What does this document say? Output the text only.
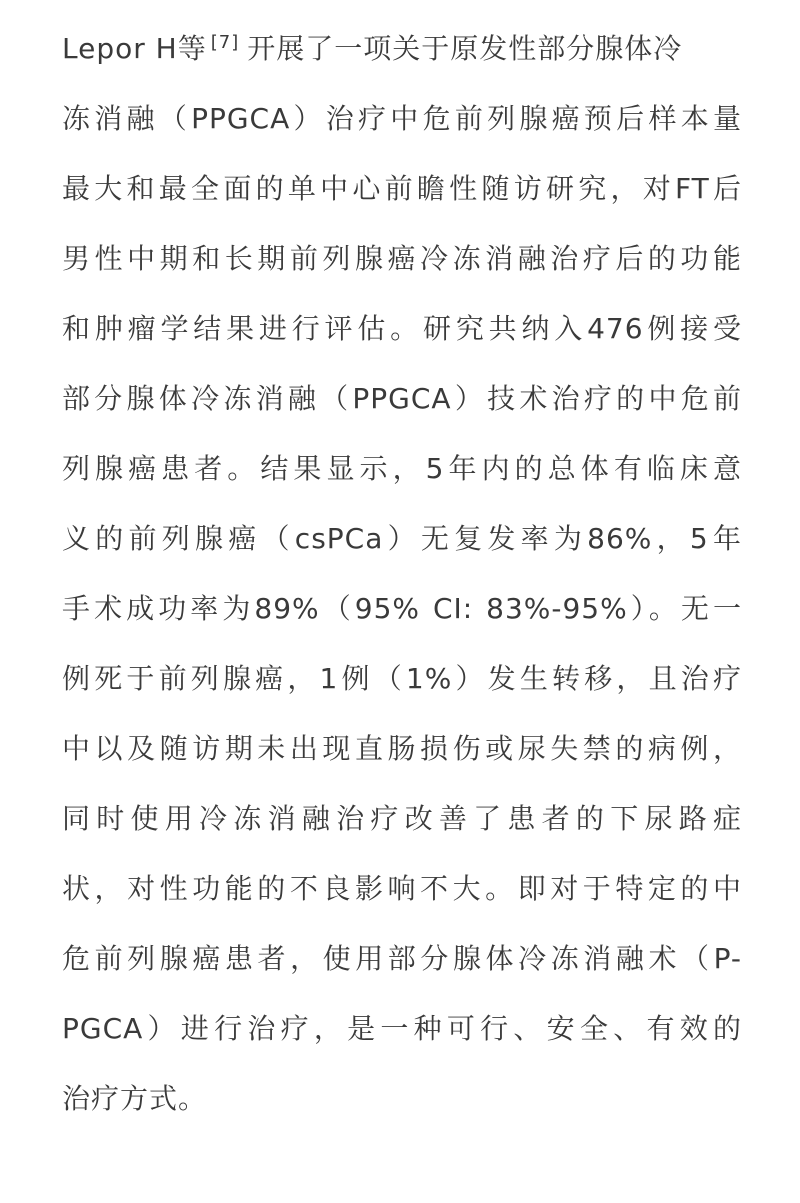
Lepor H等 [7] 开展了一项关于原发性部分腺体冷
冻消融（PPGCA）治疗中危前列腺癌预后样本量
最大和最全面的单中心前瞻性随访研究，对FT后
男性中期和长期前列腺癌冷冻消融治疗后的功能
和肿瘤学结果进行评估。研究共纳入476例接受
部分腺体冷冻消融（PPGCA）技术治疗的中危前
列腺癌患者。结果显示，5年内的总体有临床意
义的前列腺癌（csPCa）无复发率为86%，5年
手术成功率为89%（95% CI: 83%-95%）。无一
例死于前列腺癌，1例（1%）发生转移，且治疗
中以及随访期未出现直肠损伤或尿失禁的病例，
同时使用冷冻消融治疗改善了患者的下尿路症
状，对性功能的不良影响不大。即对于特定的中
危前列腺癌患者，使用部分腺体冷冻消融术（P-
PGCA）进行治疗，是一种可行、安全、有效的
治疗方式。
